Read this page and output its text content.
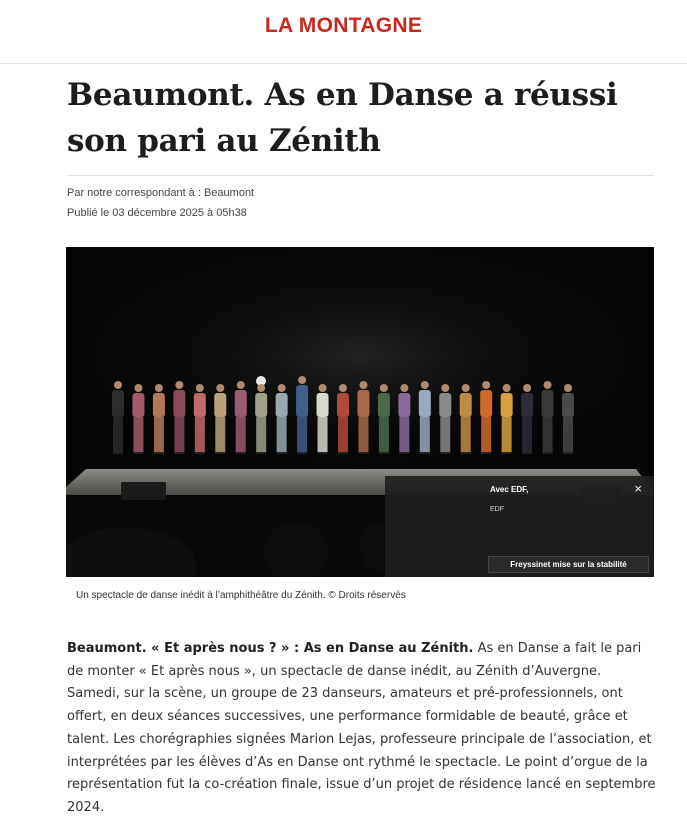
LA MONTAGNE
Beaumont. As en Danse a réussi son pari au Zénith
Par notre correspondant à : Beaumont
Publié le 03 décembre 2025 à 05h38
Avec EDF,
EDF
×
Freyssinet mise sur la stabilité
Un spectacle de danse inédit à l’amphithéâtre du Zénith. © Droits réservés

Beaumont. « Et après nous ? » : As en Danse au Zénith. As en Danse a fait le pari de monter « Et après nous », un spectacle de danse inédit, au Zénith d’Auvergne. Samedi, sur la scène, un groupe de 23 danseurs, amateurs et pré-professionnels, ont offert, en deux séances successives, une performance formidable de beauté, grâce et talent. Les chorégraphies signées Marion Lejas, professeure principale de l’association, et interprétées par les élèves d’As en Danse ont rythmé le spectacle. Le point d’orgue de la représentation fut la co-création finale, issue d’un projet de résidence lancé en septembre 2024.
